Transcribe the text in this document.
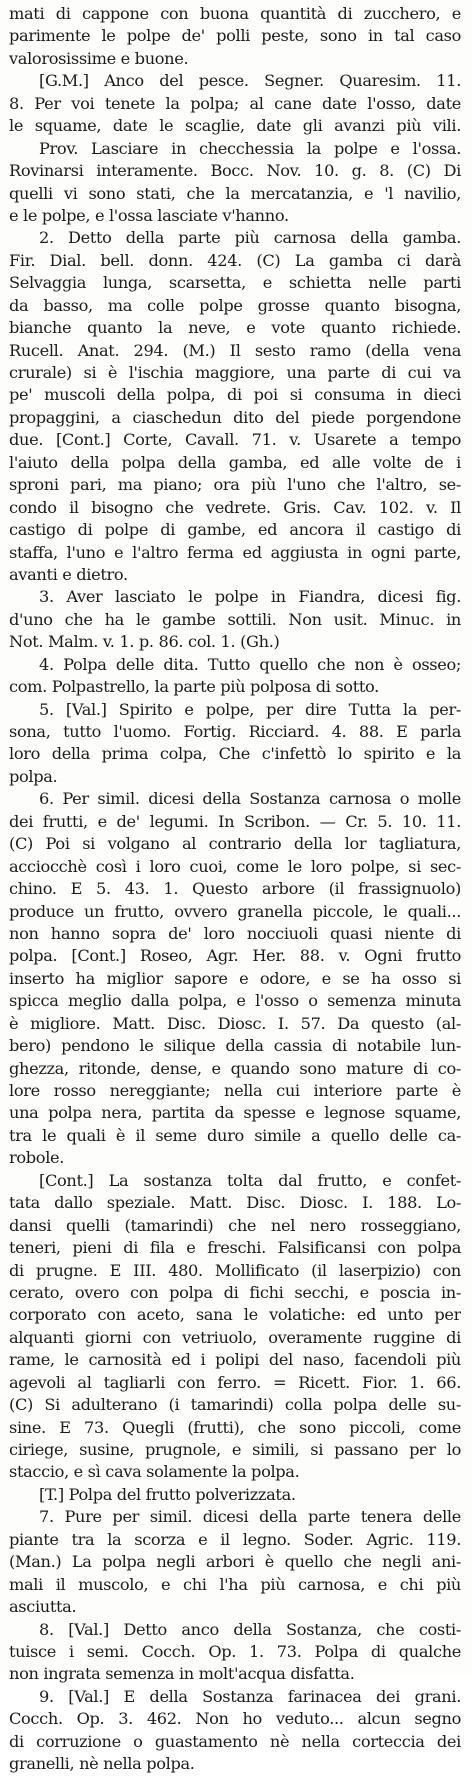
mati di cappone con buona quantità di zucchero, e
parimente le polpe de' polli peste, sono in tal caso
valorosissime e buone.
[G.M.] Anco del pesce. Segner. Quaresim. 11.
8. Per voi tenete la polpa; al cane date l'osso, date
le squame, date le scaglie, date gli avanzi più vili.
Prov. Lasciare in checchessia la polpe e l'ossa.
Rovinarsi interamente. Bocc. Nov. 10. g. 8. (C) Di
quelli vi sono stati, che la mercatanzia, e 'l navilio,
e le polpe, e l'ossa lasciate v'hanno.
2. Detto della parte più carnosa della gamba.
Fir. Dial. bell. donn. 424. (C) La gamba ci darà
Selvaggia lunga, scarsetta, e schietta nelle parti
da basso, ma colle polpe grosse quanto bisogna,
bianche quanto la neve, e vote quanto richiede.
Rucell. Anat. 294. (M.) Il sesto ramo (della vena
crurale) si è l'ischia maggiore, una parte di cui va
pe' muscoli della polpa, di poi si consuma in dieci
propaggini, a ciaschedun dito del piede porgendone
due. [Cont.] Corte, Cavall. 71. v. Usarete a tempo
l'aiuto della polpa della gamba, ed alle volte de i
sproni pari, ma piano; ora più l'uno che l'altro, se-
condo il bisogno che vedrete. Gris. Cav. 102. v. Il
castigo di polpe di gambe, ed ancora il castigo di
staffa, l'uno e l'altro ferma ed aggiusta in ogni parte,
avanti e dietro.
3. Aver lasciato le polpe in Fiandra, dicesi fig.
d'uno che ha le gambe sottili. Non usit. Minuc. in
Not. Malm. v. 1. p. 86. col. 1. (Gh.)
4. Polpa delle dita. Tutto quello che non è osseo;
com. Polpastrello, la parte più polposa di sotto.
5. [Val.] Spirito e polpe, per dire Tutta la per-
sona, tutto l'uomo. Fortig. Ricciard. 4. 88. E parla
loro della prima colpa, Che c'infettò lo spirito e la
polpa.
6. Per simil. dicesi della Sostanza carnosa o molle
dei frutti, e de' legumi. In Scribon. — Cr. 5. 10. 11.
(C) Poi si volgano al contrario della lor tagliatura,
acciocchè così i loro cuoi, come le loro polpe, si sec-
chino. E 5. 43. 1. Questo arbore (il frassignuolo)
produce un frutto, ovvero granella piccole, le quali...
non hanno sopra de' loro nocciuoli quasi niente di
polpa. [Cont.] Roseo, Agr. Her. 88. v. Ogni frutto
inserto ha miglior sapore e odore, e se ha osso si
spicca meglio dalla polpa, e l'osso o semenza minuta
è migliore. Matt. Disc. Diosc. I. 57. Da questo (al-
bero) pendono le silique della cassia di notabile lun-
ghezza, ritonde, dense, e quando sono mature di co-
lore rosso nereggiante; nella cui interiore parte è
una polpa nera, partita da spesse e legnose squame,
tra le quali è il seme duro simile a quello delle ca-
robole.
[Cont.] La sostanza tolta dal frutto, e confet-
tata dallo speziale. Matt. Disc. Diosc. I. 188. Lo-
dansi quelli (tamarindi) che nel nero rosseggiano,
teneri, pieni di fila e freschi. Falsificansi con polpa
di prugne. E III. 480. Mollificato (il laserpizio) con
cerato, overo con polpa di fichi secchi, e poscia in-
corporato con aceto, sana le volatiche: ed unto per
alquanti giorni con vetriuolo, overamente ruggine di
rame, le carnosità ed i polipi del naso, facendoli più
agevoli al tagliarli con ferro. = Ricett. Fior. 1. 66.
(C) Si adulterano (i tamarindi) colla polpa delle su-
sine. E 73. Quegli (frutti), che sono piccoli, come
ciriege, susine, prugnole, e simili, si passano per lo
staccio, e sì cava solamente la polpa.
[T.] Polpa del frutto polverizzata.
7. Pure per simil. dicesi della parte tenera delle
piante tra la scorza e il legno. Soder. Agric. 119.
(Man.) La polpa negli arbori è quello che negli ani-
mali il muscolo, e chi l'ha più carnosa, e chi più
asciutta.
8. [Val.] Detto anco della Sostanza, che costi-
tuisce i semi. Cocch. Op. 1. 73. Polpa di qualche
non ingrata semenza in molt'acqua disfatta.
9. [Val.] E della Sostanza farinacea dei grani.
Cocch. Op. 3. 462. Non ho veduto... alcun segno
di corruzione o guastamento nè nella corteccia dei
granelli, nè nella polpa.
